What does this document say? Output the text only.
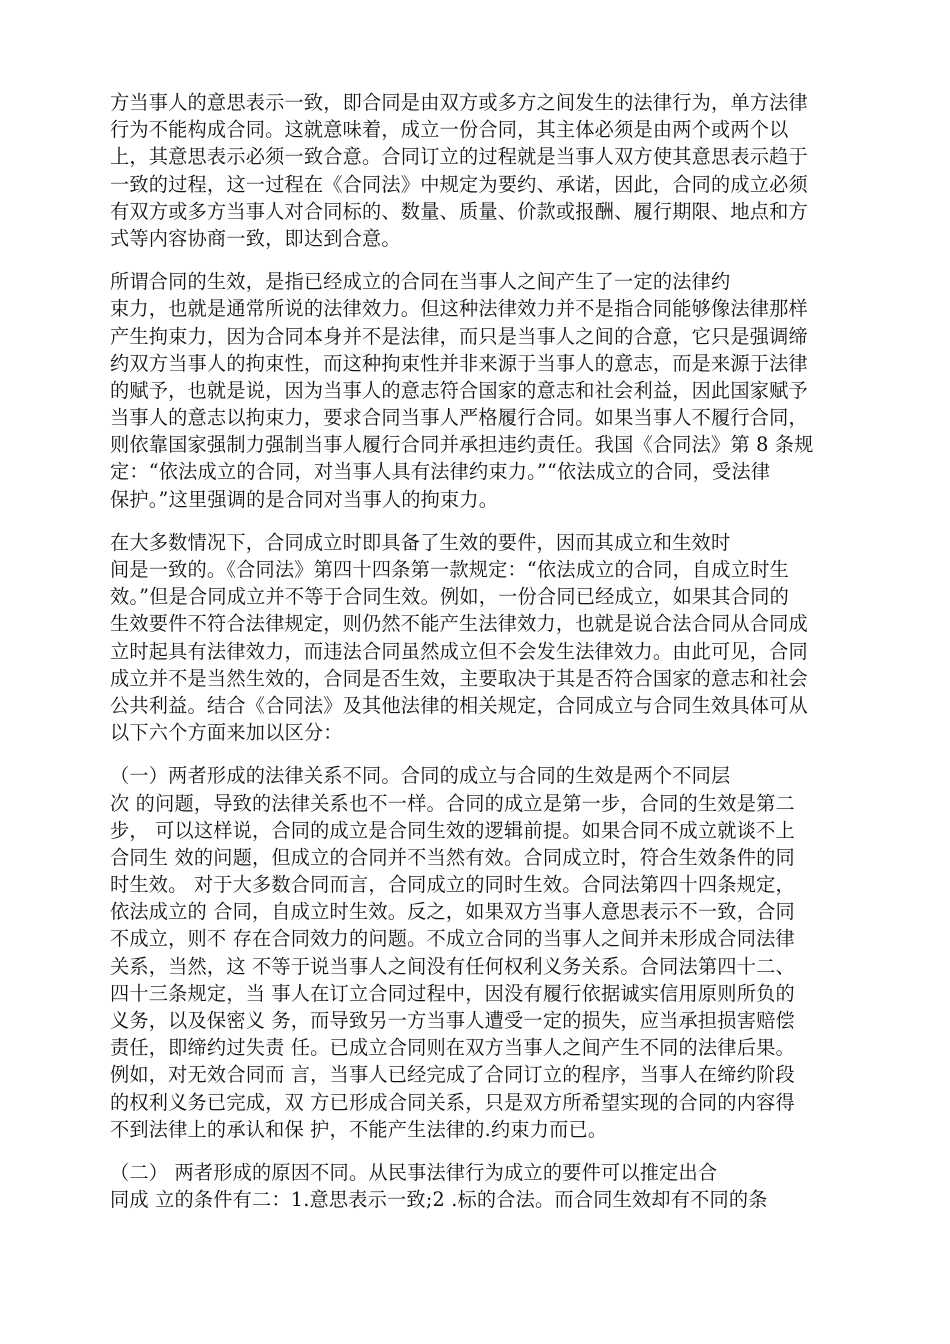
方当事人的意思表示一致，即合同是由双方或多方之间发生的法律行为，单方法律
行为不能构成合同。这就意味着，成立一份合同，其主体必须是由两个或两个以
上，其意思表示必须一致合意。合同订立的过程就是当事人双方使其意思表示趋于
一致的过程，这一过程在《合同法》中规定为要约、承诺，因此，合同的成立必须
有双方或多方当事人对合同标的、数量、质量、价款或报酬、履行期限、地点和方
式等内容协商一致，即达到合意。

所谓合同的生效，是指已经成立的合同在当事人之间产生了一定的法律约
束力，也就是通常所说的法律效力。但这种法律效力并不是指合同能够像法律那样
产生拘束力，因为合同本身并不是法律，而只是当事人之间的合意，它只是强调缔
约双方当事人的拘束性，而这种拘束性并非来源于当事人的意志，而是来源于法律
的赋予，也就是说，因为当事人的意志符合国家的意志和社会利益，因此国家赋予
当事人的意志以拘束力，要求合同当事人严格履行合同。如果当事人不履行合同，
则依靠国家强制力强制当事人履行合同并承担违约责任。我国《合同法》第 8 条规
定：“依法成立的合同，对当事人具有法律约束力。”“依法成立的合同，受法律
保护。”这里强调的是合同对当事人的拘束力。

在大多数情况下，合同成立时即具备了生效的要件，因而其成立和生效时
间是一致的。《合同法》第四十四条第一款规定：“依法成立的合同，自成立时生
效。”但是合同成立并不等于合同生效。例如，一份合同已经成立，如果其合同的
生效要件不符合法律规定，则仍然不能产生法律效力，也就是说合法合同从合同成
立时起具有法律效力，而违法合同虽然成立但不会发生法律效力。由此可见，合同
成立并不是当然生效的，合同是否生效，主要取决于其是否符合国家的意志和社会
公共利益。结合《合同法》及其他法律的相关规定，合同成立与合同生效具体可从
以下六个方面来加以区分：

（一）两者形成的法律关系不同。合同的成立与合同的生效是两个不同层
次 的问题，导致的法律关系也不一样。合同的成立是第一步，合同的生效是第二
步， 可以这样说，合同的成立是合同生效的逻辑前提。如果合同不成立就谈不上
合同生 效的问题，但成立的合同并不当然有效。合同成立时，符合生效条件的同
时生效。 对于大多数合同而言，合同成立的同时生效。合同法第四十四条规定，
依法成立的 合同，自成立时生效。反之，如果双方当事人意思表示不一致，合同
不成立，则不 存在合同效力的问题。不成立合同的当事人之间并未形成合同法律
关系，当然，这 不等于说当事人之间没有任何权利义务关系。合同法第四十二、
四十三条规定，当 事人在订立合同过程中，因没有履行依据诚实信用原则所负的
义务，以及保密义 务，而导致另一方当事人遭受一定的损失，应当承担损害赔偿
责任，即缔约过失责 任。已成立合同则在双方当事人之间产生不同的法律后果。
例如，对无效合同而 言，当事人已经完成了合同订立的程序，当事人在缔约阶段
的权利义务已完成，双 方已形成合同关系，只是双方所希望实现的合同的内容得
不到法律上的承认和保 护，不能产生法律的.约束力而已。

（二） 两者形成的原因不同。从民事法律行为成立的要件可以推定出合
同成 立的条件有二：1.意思表示一致;2 .标的合法。而合同生效却有不同的条
